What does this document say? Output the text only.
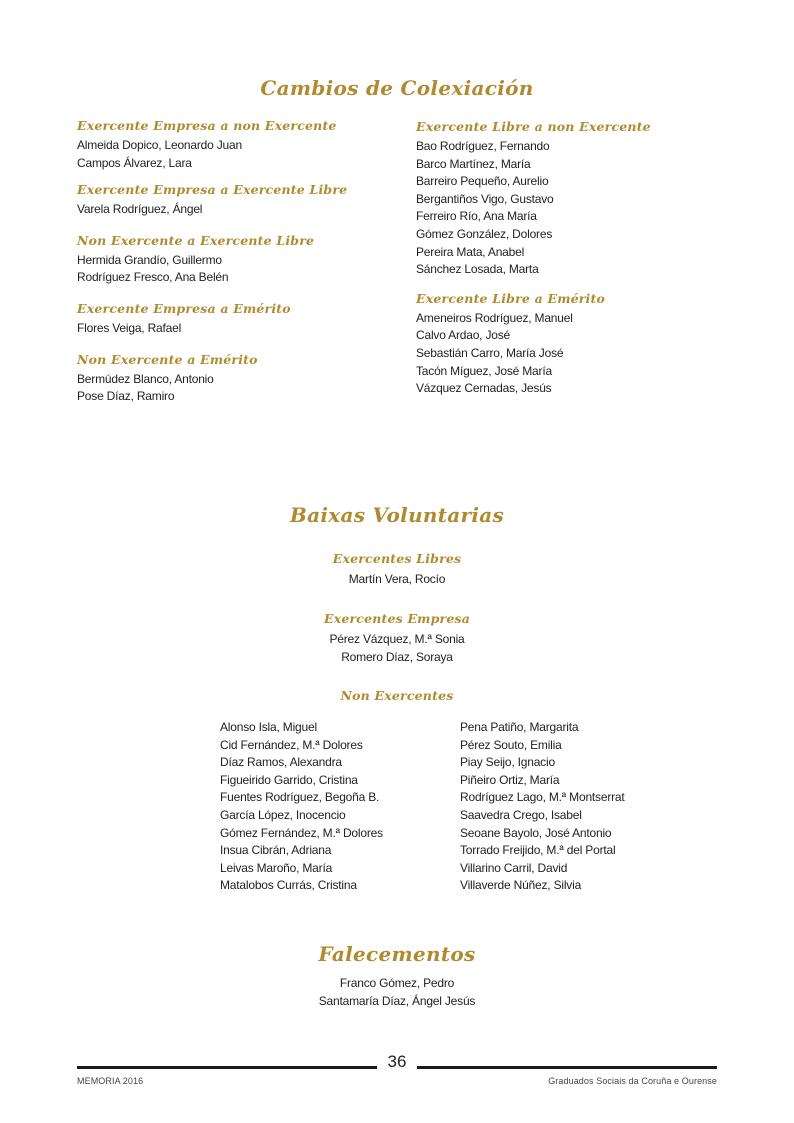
Cambios de Colexiación
Exercente Empresa a non Exercente
Almeida Dopico, Leonardo Juan
Campos Álvarez, Lara
Exercente Empresa a Exercente Libre
Varela Rodríguez, Ángel
Non Exercente a Exercente Libre
Hermida Grandío, Guillermo
Rodríguez Fresco, Ana Belén
Exercente Empresa a Emérito
Flores Veiga, Rafael
Non Exercente a Emérito
Bermúdez Blanco, Antonio
Pose Díaz, Ramiro
Exercente Libre a non Exercente
Bao Rodríguez, Fernando
Barco Martínez, María
Barreiro Pequeño, Aurelio
Bergantiños Vigo, Gustavo
Ferreiro Río, Ana María
Gómez González, Dolores
Pereira Mata, Anabel
Sánchez Losada, Marta
Exercente Libre a Emérito
Ameneiros Rodríguez, Manuel
Calvo Ardao, José
Sebastián Carro, María José
Tacón Míguez, José María
Vázquez Cernadas, Jesús
Baixas Voluntarias
Exercentes Libres
Martín Vera, Rocío
Exercentes Empresa
Pérez Vázquez, M.ª Sonia
Romero Díaz, Soraya
Non Exercentes
Alonso Isla, Miguel
Cid Fernández, M.ª Dolores
Díaz Ramos, Alexandra
Figueirido Garrido, Cristina
Fuentes Rodríguez, Begoña B.
García López, Inocencio
Gómez Fernández, M.ª Dolores
Insua Cibrán, Adriana
Leivas Maroño, María
Matalobos Currás, Cristina
Pena Patiño, Margarita
Pérez Souto, Emilia
Piay Seijo, Ignacio
Piñeiro Ortiz, María
Rodríguez Lago, M.ª Montserrat
Saavedra Crego, Isabel
Seoane Bayolo, José Antonio
Torrado Freijido, M.ª del Portal
Villarino Carril, David
Villaverde Núñez, Silvia
Falecementos
Franco Gómez, Pedro
Santamaría Díaz, Ángel Jesús
36
MEMORIA 2016	Graduados Sociais da Coruña e Ourense
